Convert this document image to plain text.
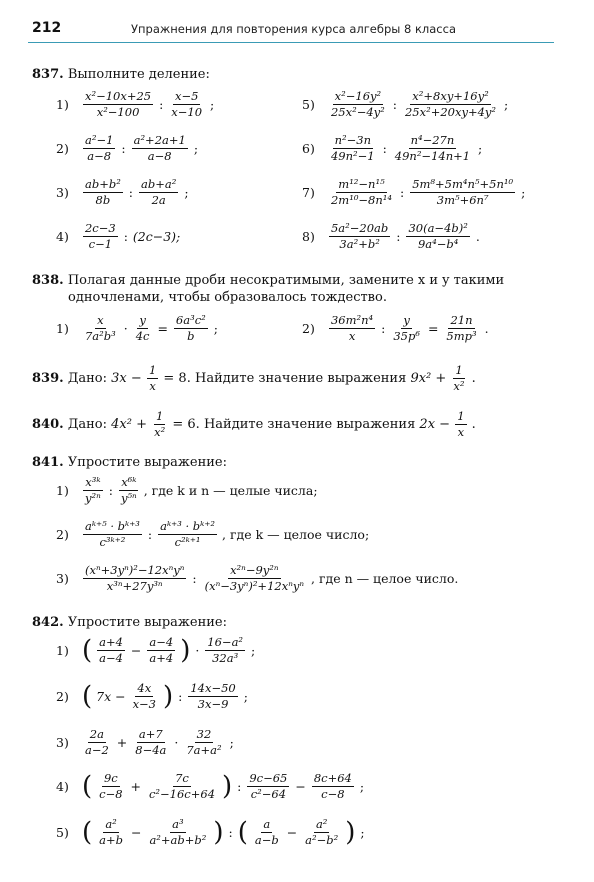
212	Упражнения для повторения курса алгебры 8 класса
837. Выполните деление:
$1) \frac{\text{x²−10x+25}}{\text{x²−100}}$ : $\frac{x-5}{x-10}$ ;
$2) \frac{\text{a²−1}}{a-8}$ : $\frac{\text{a²+2a+1}}{a-8}$ ;
$3) \frac{\text{ab+b²}}{8b}$ : $\frac{\text{ab+a²}}{2a}$ ;
$4) \frac{2c-3}{c-1}$ : (2c−3);
$5) \frac{\text{x²−16y²}}{\text{25x²−4y²}}$ : $\frac{\text{x²+8xy+16y²}}{\text{25x²+20xy+4y²}}$ ;
$6) \frac{\text{n²−3n}}{\text{49n²−1}}$ : $\frac{\text{n⁴−27n}}{\text{49n²−14n+1}}$ ;
$7) \frac{\text{m¹²−n¹⁵}}{\text{2m¹⁰−8n¹⁴}}$ : $\frac{\text{5m⁸+5m⁴n⁵+5n¹⁰}}{\text{3m⁵+6n⁷}}$ ;
$8) \frac{\text{5a²−20ab}}{\text{3a²+b²}}$ : $\frac{\text{30(a−4b)²}}{\text{9a⁴−b⁴}}$ .
838. Полагая данные дроби несократимыми, замените x и y такими
одночленами, чтобы образовалось тождество.
$1) \frac{x}{\text{7a²b³}} \cdot \frac{y}{4c} = \frac{\text{6a³c²}}{b}$ ;	$2) \frac{\text{36m²n⁴}}{x}$ : $\frac{y}{\text{35p⁶}} = \frac{21n}{\text{5mp³}}$ .
839. Дано: $3x - \frac{1}{x} = 8$. Найдите значение выражения $9x^2 + \frac{1}{\text{x²}}$ .
840. Дано: $4x^2 + \frac{1}{\text{x²}} = 6$. Найдите значение выражения $2x - \frac{1}{x}$ .
841. Упростите выражение:
$1) \frac{\text{x³ᵏ}}{\text{y²ⁿ}}$ : $\frac{\text{x⁶ᵏ}}{\text{y⁵ⁿ}}$ , где k и n — целые числа;
$2) \frac{\text{aᵏ⁺⁵ · bᵏ⁺³}}{\text{c³ᵏ⁺²}}$ : $\frac{\text{aᵏ⁺³ · bᵏ⁺²}}{\text{c²ᵏ⁺¹}}$ , где k — целое число;
$3) \frac{\text{(xⁿ+3yⁿ)²−12xⁿyⁿ}}{\text{x³ⁿ+27y³ⁿ}}$ : $\frac{\text{x²ⁿ−9y²ⁿ}}{\text{(xⁿ−3yⁿ)²+12xⁿyⁿ}}$ , где n — целое число.
842. Упростите выражение:
1) ( $\frac{a+4}{a-4} - \frac{a-4}{a+4}$ ) · $\frac{\text{16−a²}}{\text{32a³}}$ ;
2) ( $7x - \frac{4x}{x-3}$ ) : $\frac{14x-50}{3x-9}$ ;
$3) \frac{2a}{a-2} + \frac{a+7}{8-4a} \cdot \frac{32}{\text{7a+a²}}$ ;
4) ( $\frac{9c}{c-8} + \frac{7c}{\text{c²−16c+64}}$ ) : $\frac{9c-65}{\text{c²−64}} - \frac{8c+64}{c-8}$ ;
5) ( $\frac{\text{a²}}{a+b} - \frac{\text{a³}}{\text{a²+ab+b²}}$ ) : ( $\frac{a}{a-b} - \frac{\text{a²}}{\text{a²−b²}}$ ) ;
